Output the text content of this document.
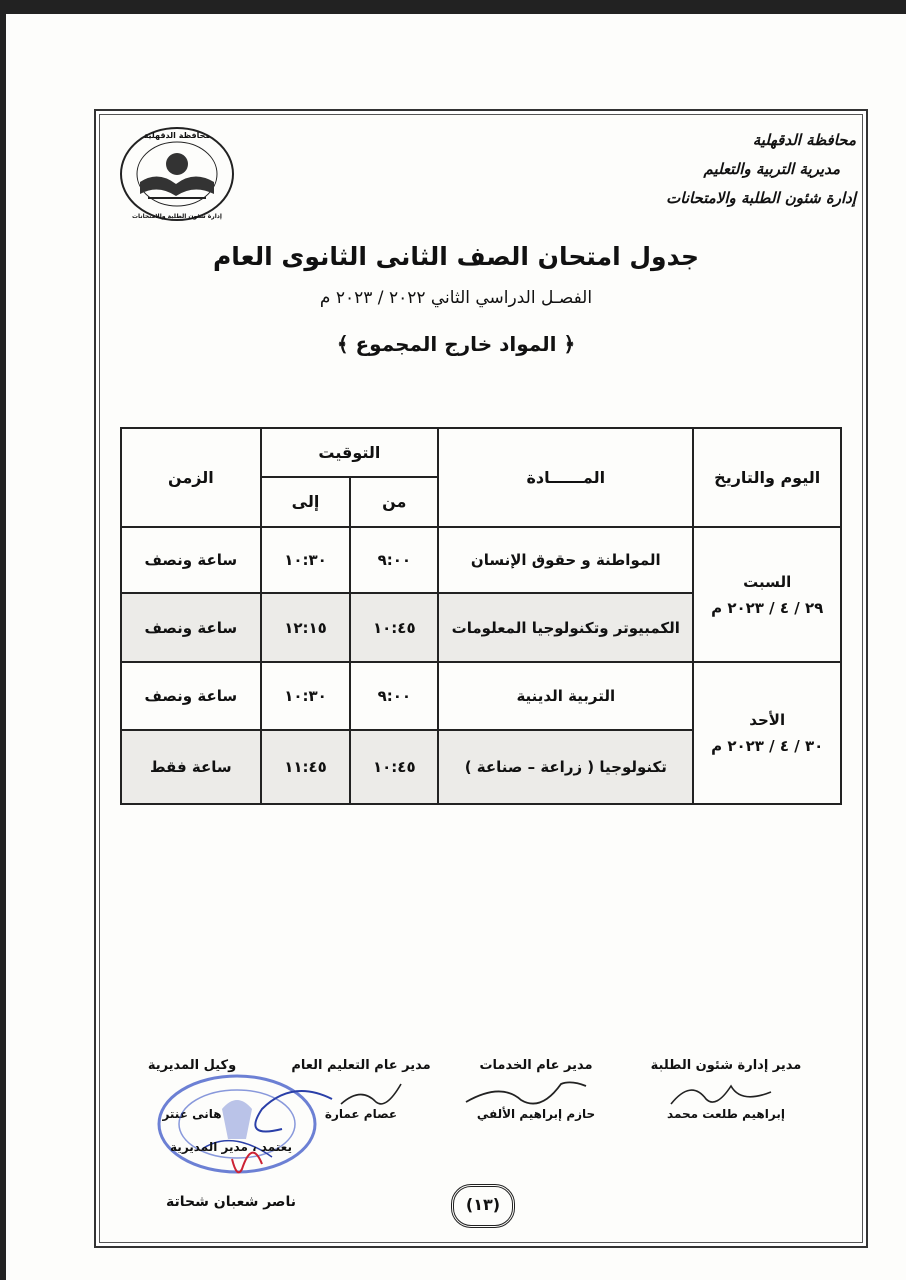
محافظة الدقهلية
مديرية التربية والتعليم
إدارة شئون الطلبة والامتحانات
محافظة الدقهلية
إدارة شئون الطلبة والامتحانات
جدول امتحان الصف الثانى الثانوى العام
الفصـل الدراسي الثاني ٢٠٢٢ / ٢٠٢٣ م
﴿ المواد خارج المجموع ﴾
اليوم والتاريخ	المــــــادة	التوقيت		الزمن
		من	إلى	

السبت
٢٩ / ٤ / ٢٠٢٣ م	المواطنة و حقوق الإنسان	٩:٠٠	١٠:٣٠	ساعة ونصف
	الكمبيوتر وتكنولوجيا المعلومات	١٠:٤٥	١٢:١٥	ساعة ونصف

الأحد
٣٠ / ٤ / ٢٠٢٣ م	التربية الدينية	٩:٠٠	١٠:٣٠	ساعة ونصف
	تكنولوجيا ( زراعة – صناعة )	١٠:٤٥	١١:٤٥	ساعة فقط
مدير إدارة شئون الطلبة
إبراهيم طلعت محمد
مدير عام الخدمات
حازم إبراهيم الألفي
مدير عام التعليم العام
عصام عمارة
وكيل المديرية
هانى عنتر
يعتمد ، مدير المديرية
ناصر شعبان شحاتة	(١٣)
